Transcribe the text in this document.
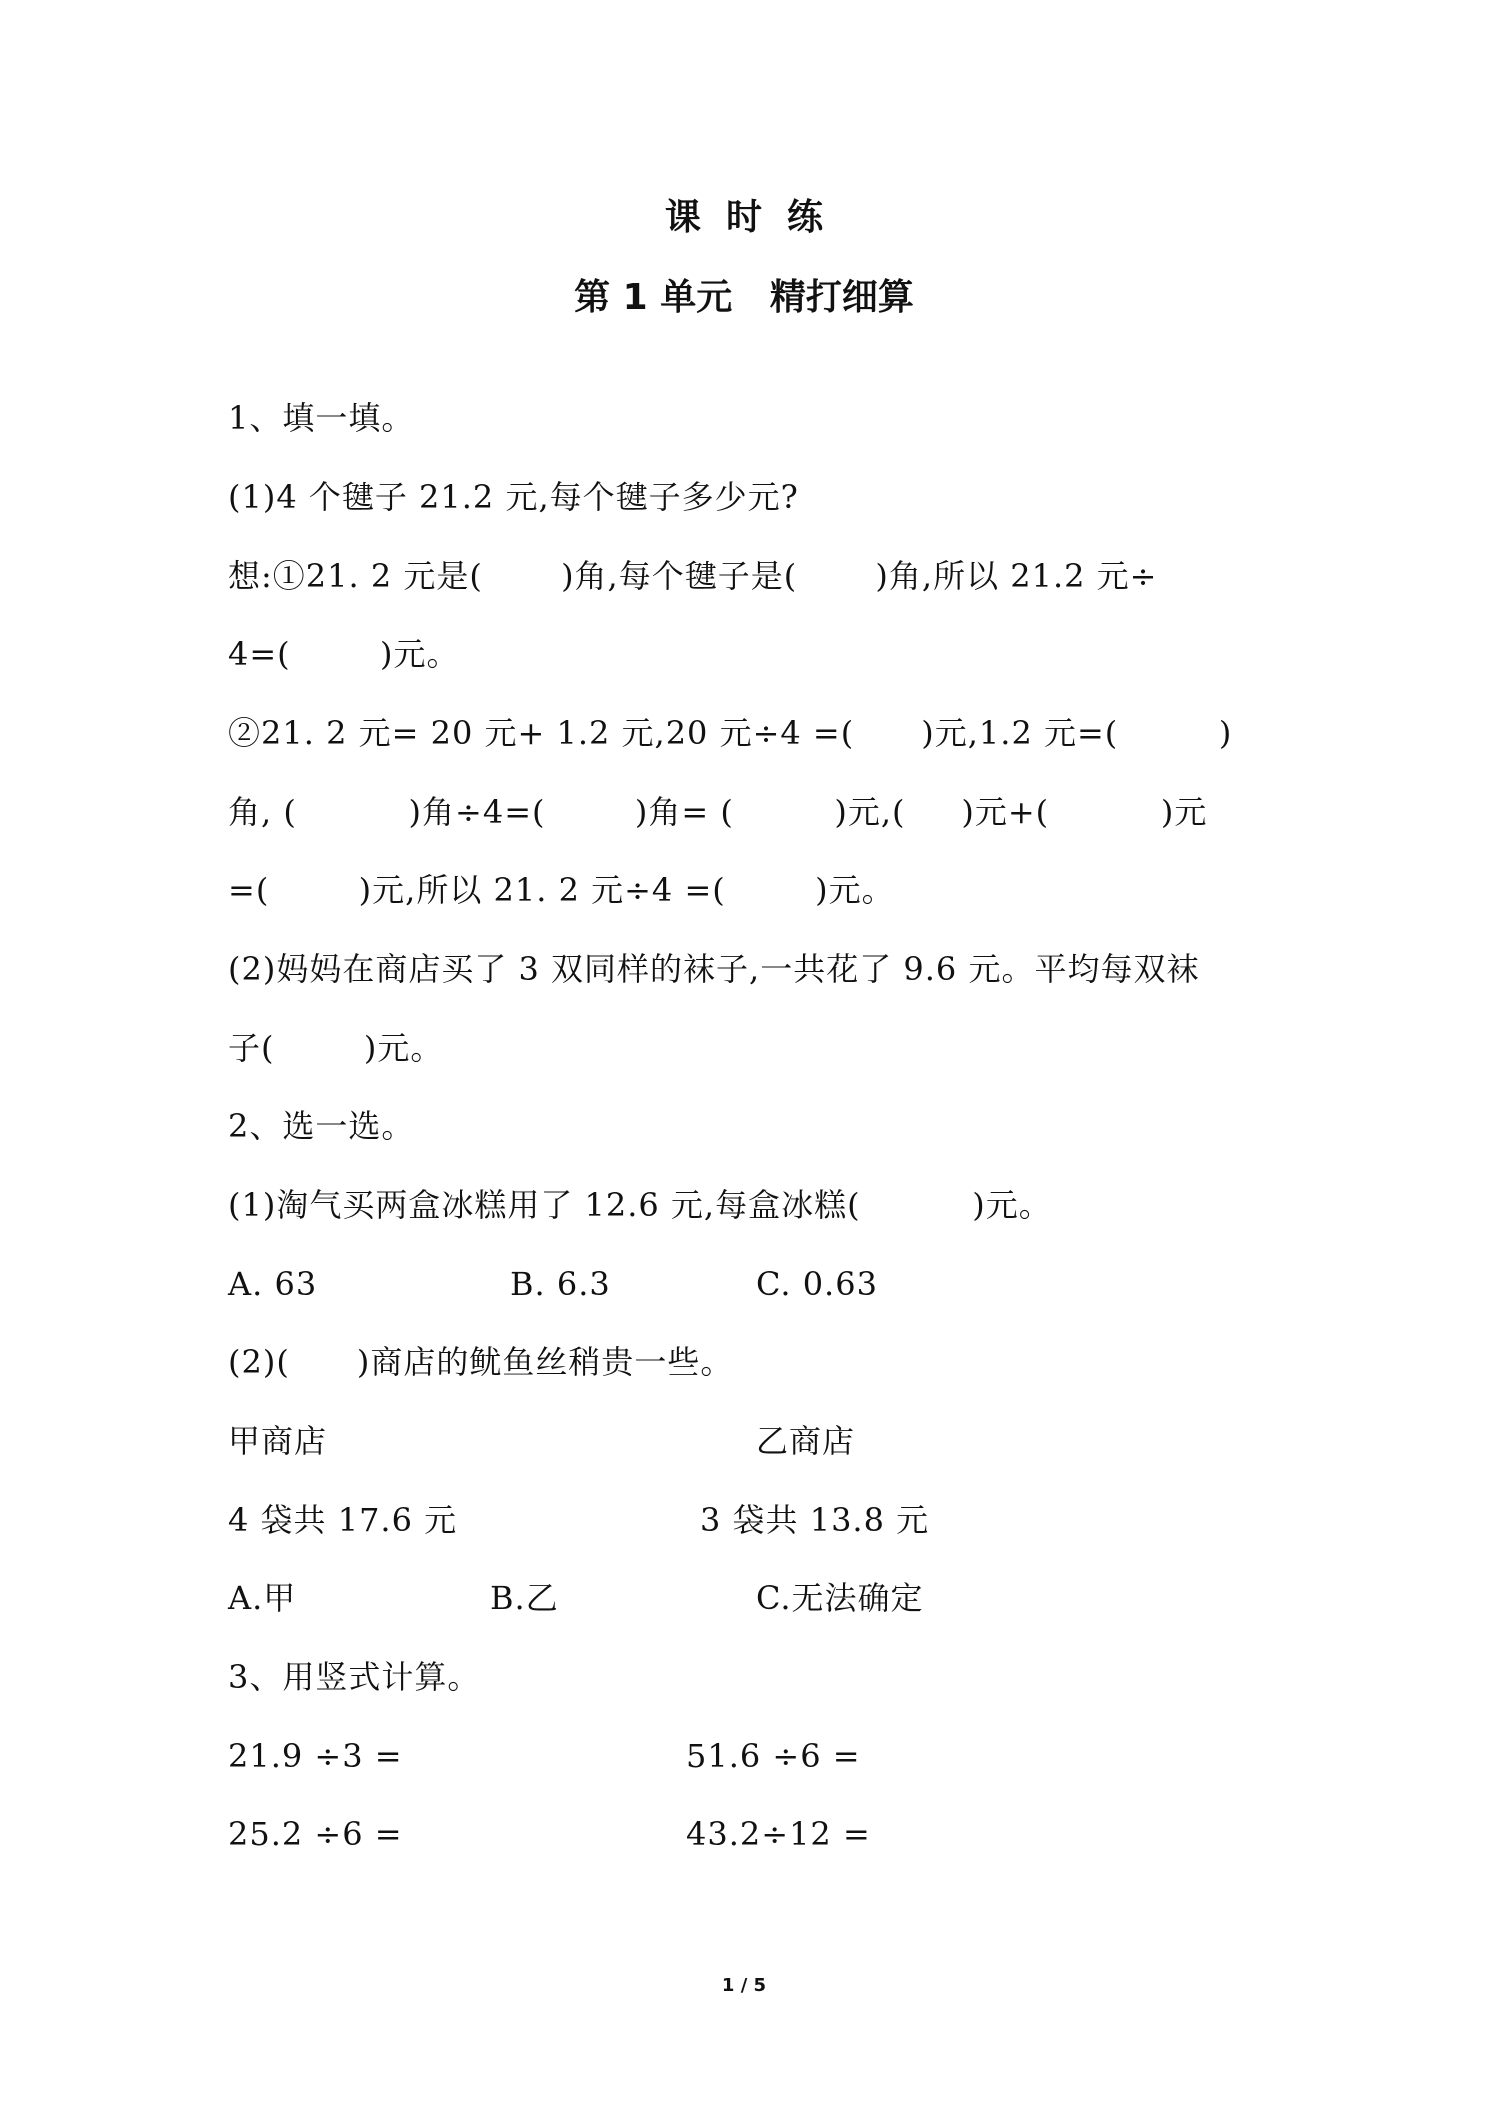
课  时  练
第 1 单元   精打细算
1、填一填。
(1)4 个毽子 21.2 元,每个毽子多少元?
想:①21. 2 元是(       )角,每个毽子是(       )角,所以 21.2 元÷
4=(        )元。
②21. 2 元= 20 元+ 1.2 元,20 元÷4 =(      )元,1.2 元=(         )
角, (          )角÷4=(        )角= (         )元,(     )元+(          )元
=(        )元,所以 21. 2 元÷4 =(        )元。
(2)妈妈在商店买了 3 双同样的袜子,一共花了 9.6 元。平均每双袜
子(        )元。
2、选一选。
(1)淘气买两盒冰糕用了 12.6 元,每盒冰糕(          )元。
A. 63	B. 6.3	C. 0.63
(2)(      )商店的鱿鱼丝稍贵一些。
甲商店	乙商店
4 袋共 17.6 元	3 袋共 13.8 元
A.甲	B.乙	C.无法确定
3、用竖式计算。
21.9 ÷3 =	51.6 ÷6 =
25.2 ÷6 =	43.2÷12 =
1 / 5
